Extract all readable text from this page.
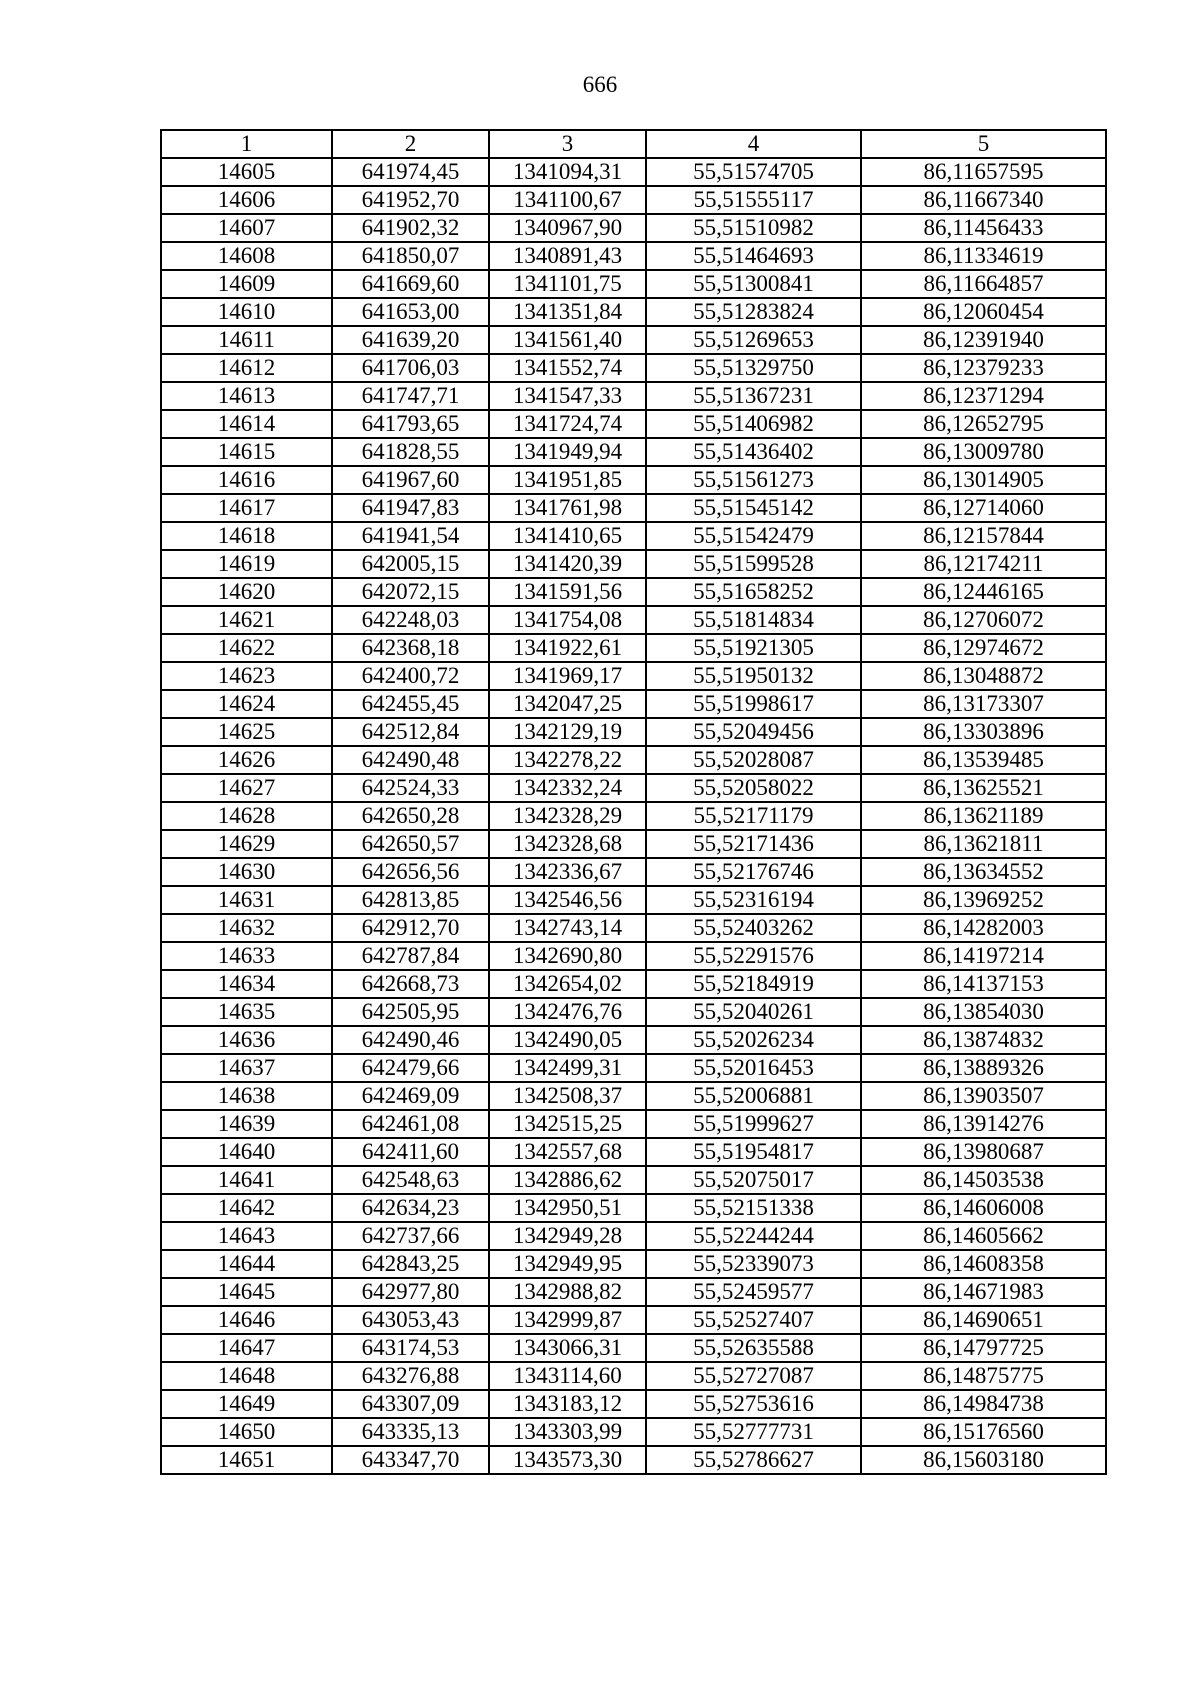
666
1	2	3	4	5
14605	641974,45	1341094,31	55,51574705	86,11657595
14606	641952,70	1341100,67	55,51555117	86,11667340
14607	641902,32	1340967,90	55,51510982	86,11456433
14608	641850,07	1340891,43	55,51464693	86,11334619
14609	641669,60	1341101,75	55,51300841	86,11664857
14610	641653,00	1341351,84	55,51283824	86,12060454
14611	641639,20	1341561,40	55,51269653	86,12391940
14612	641706,03	1341552,74	55,51329750	86,12379233
14613	641747,71	1341547,33	55,51367231	86,12371294
14614	641793,65	1341724,74	55,51406982	86,12652795
14615	641828,55	1341949,94	55,51436402	86,13009780
14616	641967,60	1341951,85	55,51561273	86,13014905
14617	641947,83	1341761,98	55,51545142	86,12714060
14618	641941,54	1341410,65	55,51542479	86,12157844
14619	642005,15	1341420,39	55,51599528	86,12174211
14620	642072,15	1341591,56	55,51658252	86,12446165
14621	642248,03	1341754,08	55,51814834	86,12706072
14622	642368,18	1341922,61	55,51921305	86,12974672
14623	642400,72	1341969,17	55,51950132	86,13048872
14624	642455,45	1342047,25	55,51998617	86,13173307
14625	642512,84	1342129,19	55,52049456	86,13303896
14626	642490,48	1342278,22	55,52028087	86,13539485
14627	642524,33	1342332,24	55,52058022	86,13625521
14628	642650,28	1342328,29	55,52171179	86,13621189
14629	642650,57	1342328,68	55,52171436	86,13621811
14630	642656,56	1342336,67	55,52176746	86,13634552
14631	642813,85	1342546,56	55,52316194	86,13969252
14632	642912,70	1342743,14	55,52403262	86,14282003
14633	642787,84	1342690,80	55,52291576	86,14197214
14634	642668,73	1342654,02	55,52184919	86,14137153
14635	642505,95	1342476,76	55,52040261	86,13854030
14636	642490,46	1342490,05	55,52026234	86,13874832
14637	642479,66	1342499,31	55,52016453	86,13889326
14638	642469,09	1342508,37	55,52006881	86,13903507
14639	642461,08	1342515,25	55,51999627	86,13914276
14640	642411,60	1342557,68	55,51954817	86,13980687
14641	642548,63	1342886,62	55,52075017	86,14503538
14642	642634,23	1342950,51	55,52151338	86,14606008
14643	642737,66	1342949,28	55,52244244	86,14605662
14644	642843,25	1342949,95	55,52339073	86,14608358
14645	642977,80	1342988,82	55,52459577	86,14671983
14646	643053,43	1342999,87	55,52527407	86,14690651
14647	643174,53	1343066,31	55,52635588	86,14797725
14648	643276,88	1343114,60	55,52727087	86,14875775
14649	643307,09	1343183,12	55,52753616	86,14984738
14650	643335,13	1343303,99	55,52777731	86,15176560
14651	643347,70	1343573,30	55,52786627	86,15603180
